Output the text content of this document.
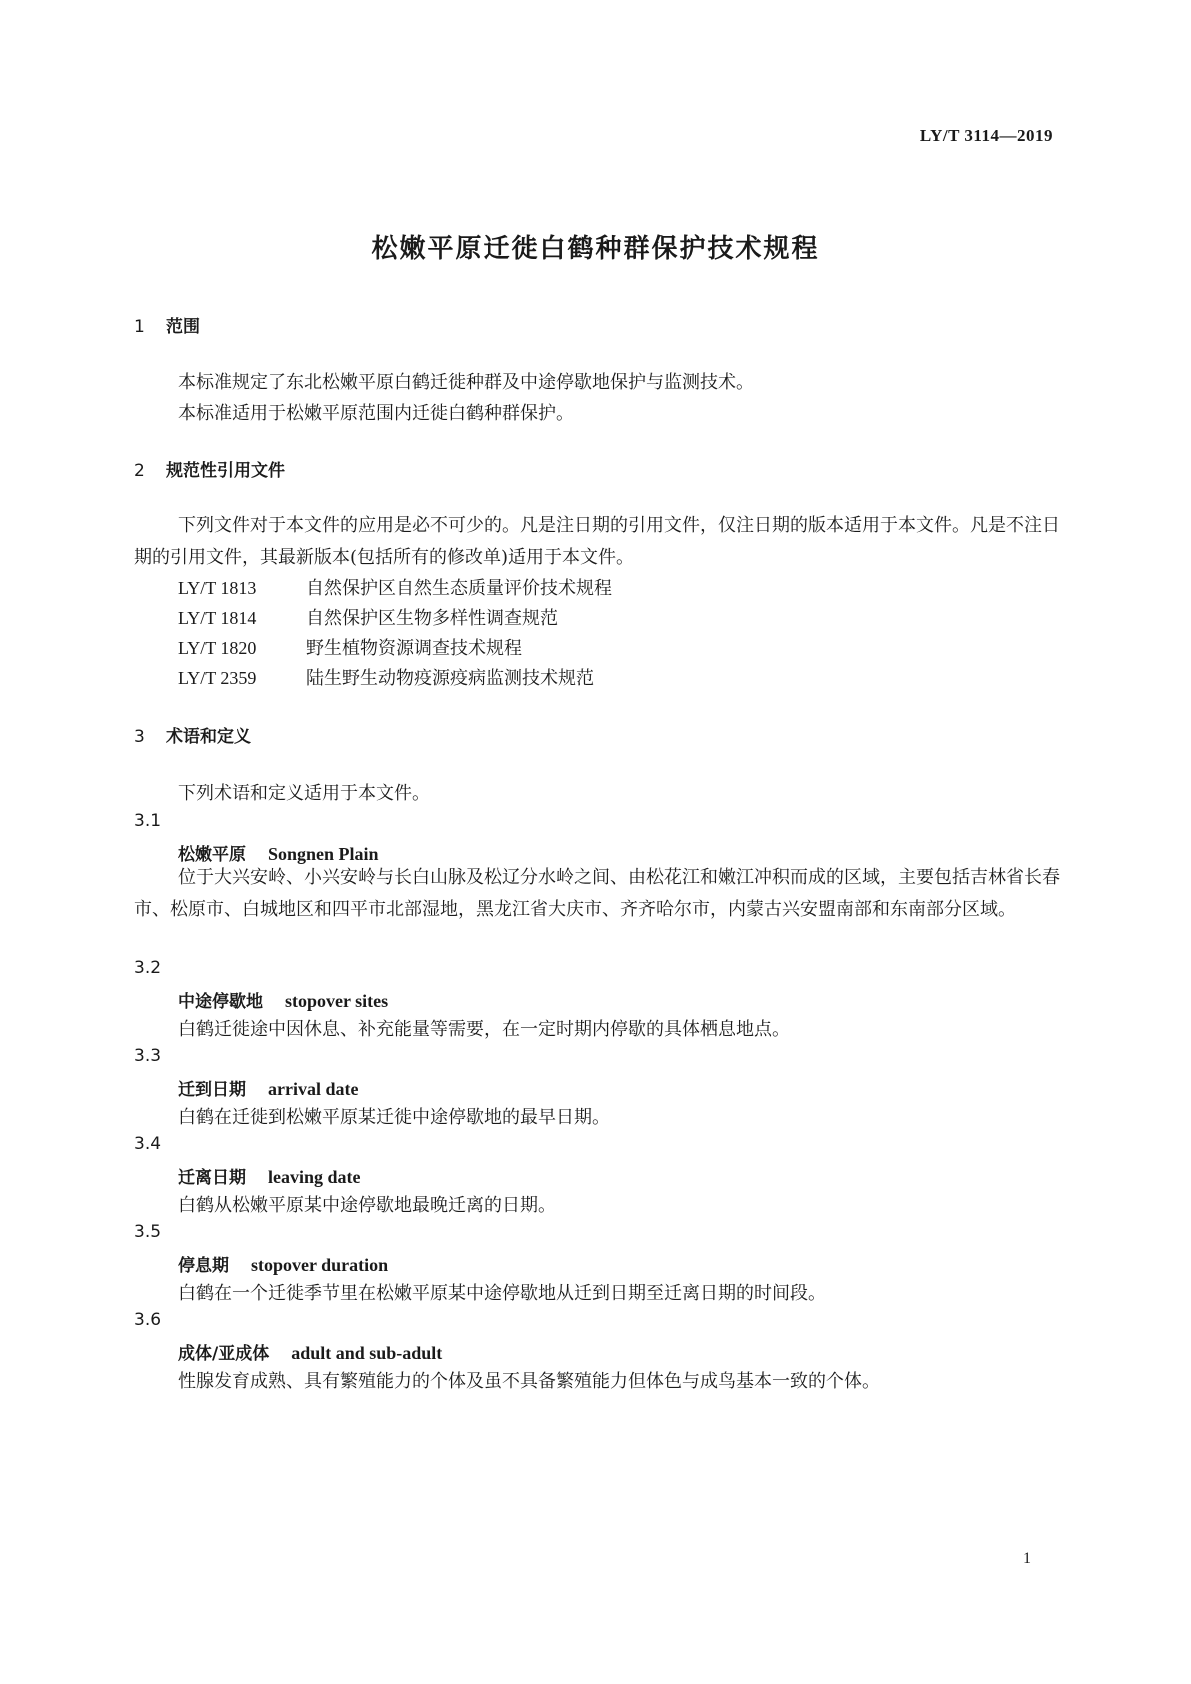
LY/T 3114—2019
松嫩平原迁徙白鹤种群保护技术规程
1 范围
本标准规定了东北松嫩平原白鹤迁徙种群及中途停歇地保护与监测技术。
本标准适用于松嫩平原范围内迁徙白鹤种群保护。
2 规范性引用文件

下列文件对于本文件的应用是必不可少的。凡是注日期的引用文件，仅注日期的版本适用于本文件。凡是不注日期的引用文件，其最新版本(包括所有的修改单)适用于本文件。

LY/T 1813	自然保护区自然生态质量评价技术规程
LY/T 1814	自然保护区生物多样性调查规范
LY/T 1820	野生植物资源调查技术规程
LY/T 2359	陆生野生动物疫源疫病监测技术规范
3 术语和定义
下列术语和定义适用于本文件。
3.1
松嫩平原 Songnen Plain

位于大兴安岭、小兴安岭与长白山脉及松辽分水岭之间、由松花江和嫩江冲积而成的区域，主要包括吉林省长春市、松原市、白城地区和四平市北部湿地，黑龙江省大庆市、齐齐哈尔市，内蒙古兴安盟南部和东南部分区域。

3.2
中途停歇地 stopover sites
白鹤迁徙途中因休息、补充能量等需要，在一定时期内停歇的具体栖息地点。
3.3
迁到日期 arrival date
白鹤在迁徙到松嫩平原某迁徙中途停歇地的最早日期。
3.4
迁离日期 leaving date
白鹤从松嫩平原某中途停歇地最晚迁离的日期。
3.5
停息期 stopover duration
白鹤在一个迁徙季节里在松嫩平原某中途停歇地从迁到日期至迁离日期的时间段。
3.6
成体/亚成体 adult and sub-adult
性腺发育成熟、具有繁殖能力的个体及虽不具备繁殖能力但体色与成鸟基本一致的个体。
1
